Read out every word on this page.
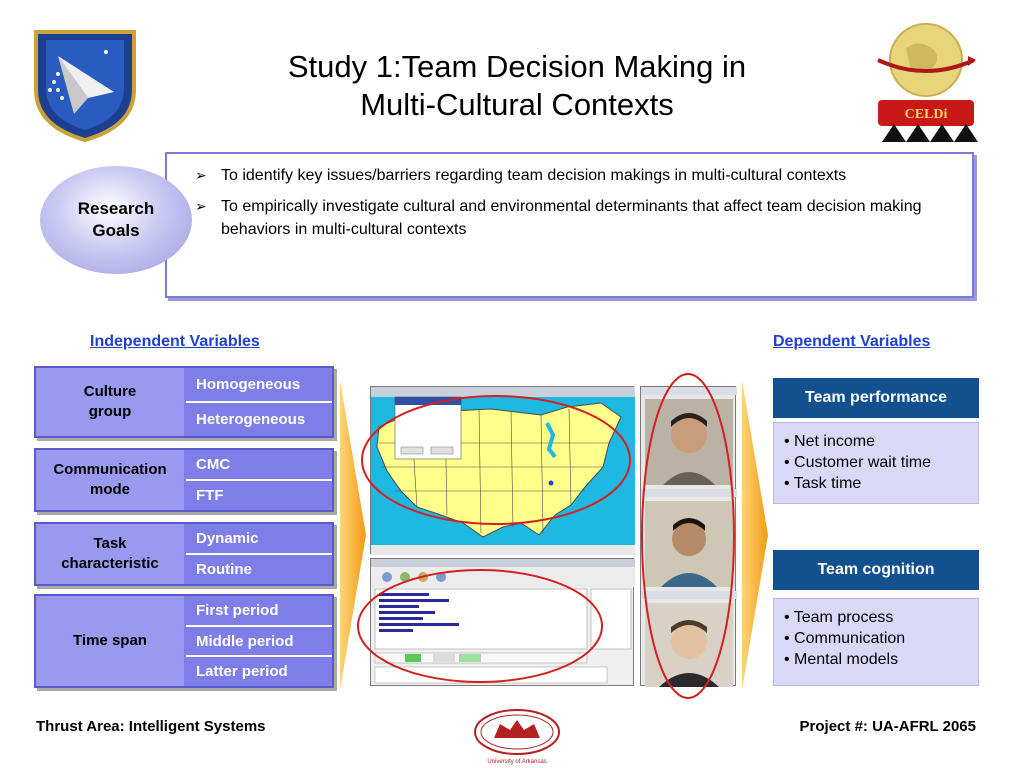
Study 1:Team Decision Making in
Multi-Cultural Contexts	CELDi
➢ To identify key issues/barriers regarding team decision makings in multi-cultural contexts
➢ To empirically investigate cultural and environmental determinants that affect team decision making behaviors in multi-cultural contexts
Research
Goals
Independent Variables	Dependent Variables
Culture group
Homogeneous
Heterogeneous
Communication mode
CMC
FTF
Task characteristic
Dynamic
Routine
Time span
First period
Middle period
Latter period
Team performance
• Net income
• Customer wait time
• Task time
Team cognition
• Team process
• Communication
• Mental models
Thrust Area: Intelligent Systems
University of Arkansas
Project #: UA-AFRL 2065
